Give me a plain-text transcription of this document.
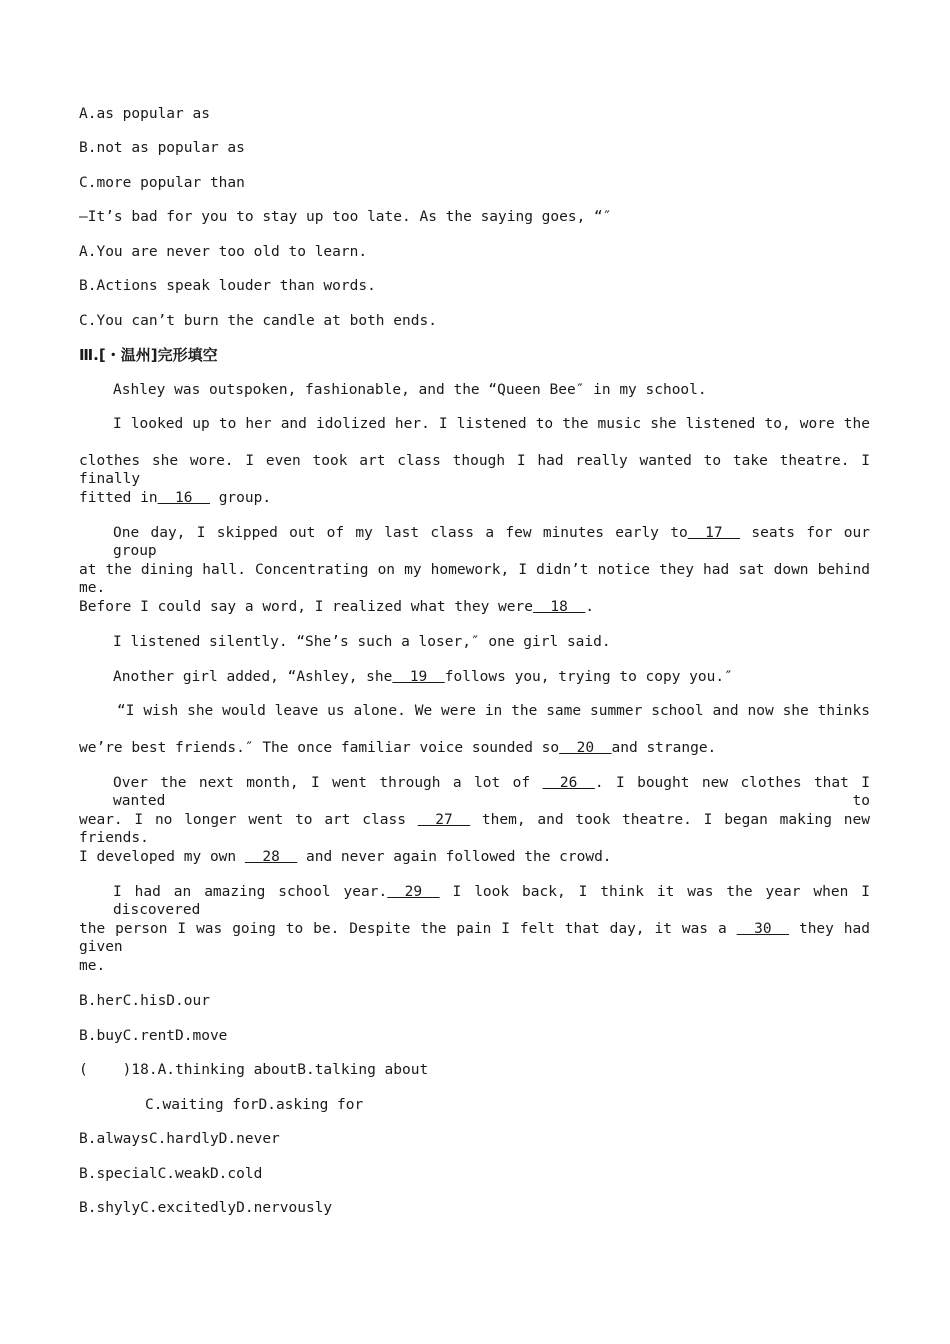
A.as popular as
B.not as popular as
C.more popular than
—It’s bad for you to stay up too late. As the saying goes, “″
A.You are never too old to learn.
B.Actions speak louder than words.
C.You can’t burn the candle at both ends.
Ⅲ.[・温州]完形填空
Ashley was outspoken, fashionable, and the “Queen Bee″ in my school.
I looked up to her and idolized her. I listened to the music she listened to, wore the
clothes she wore. I even took art class though I had really wanted to take theatre. I finally
fitted in  16   group.
One day, I skipped out of my last class a few minutes early to  17   seats for our group
at the dining hall. Concentrating on my homework, I didn’t notice they had sat down behind me.
Before I could say a word, I realized what they were  18  .
I listened silently. “She’s such a loser,″ one girl said.
Another girl added, “Ashley, she  19  follows you, trying to copy you.″
“I wish she would leave us alone. We were in the same summer school and now she thinks
we’re best friends.″ The once familiar voice sounded so  20  and strange.
Over the next month, I went through a lot of   26  . I bought new clothes that I wanted to
wear. I no longer went to art class   27   them, and took theatre. I began making new friends.
I developed my own   28   and never again followed the crowd.
I had an amazing school year.  29   I look back, I think it was the year when I discovered
the person I was going to be. Despite the pain I felt that day, it was a   30   they had given
me.
B.herC.hisD.our
B.buyC.rentD.move
(    )18.A.thinking aboutB.talking about
C.waiting forD.asking for
B.alwaysC.hardlyD.never
B.specialC.weakD.cold
B.shylyC.excitedlyD.nervously
